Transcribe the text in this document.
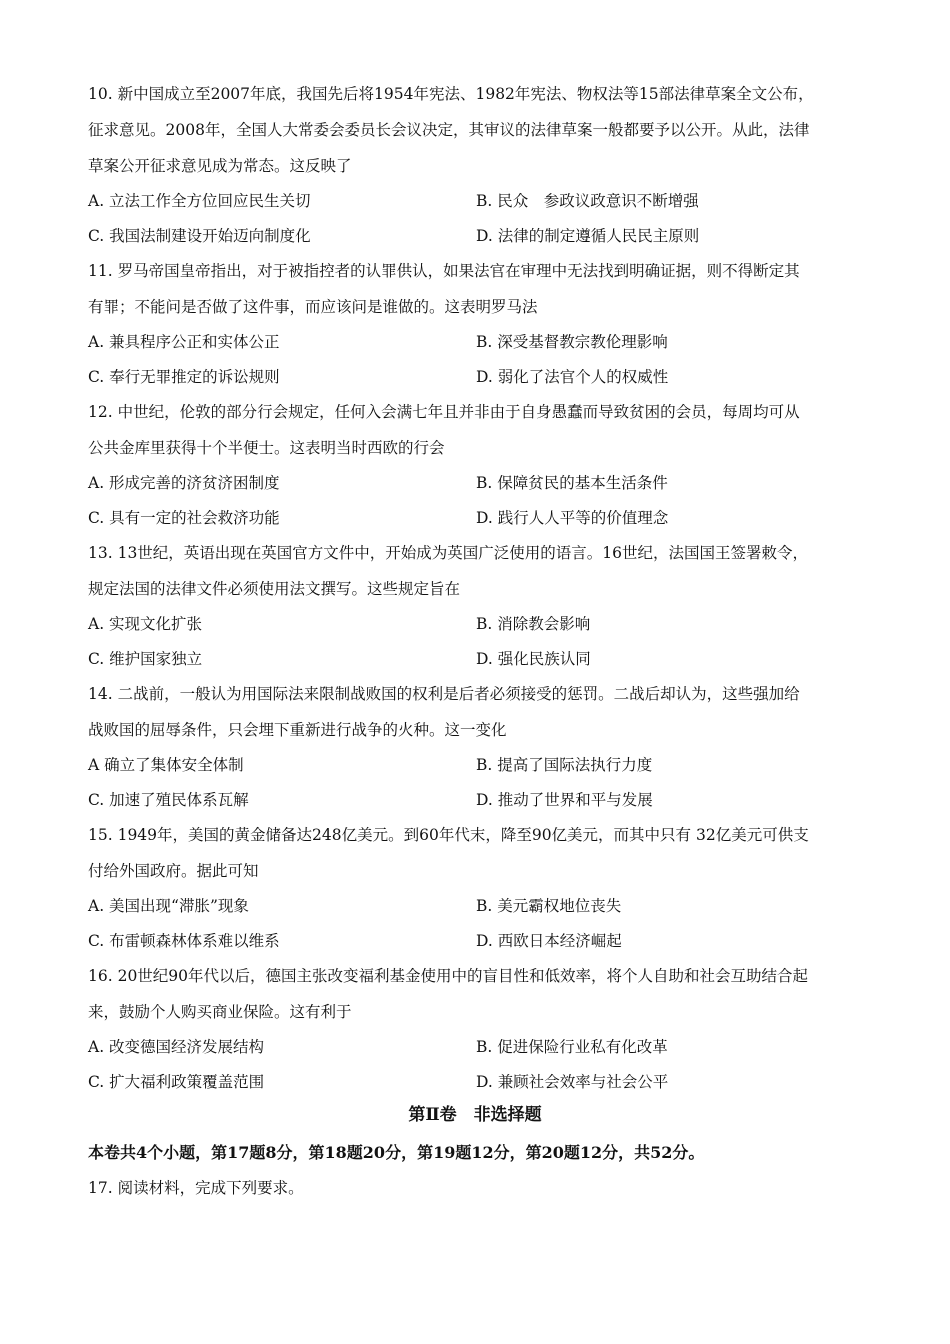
10. 新中国成立至2007年底，我国先后将1954年宪法、1982年宪法、物权法等15部法律草案全文公布，
征求意见。2008年，全国人大常委会委员长会议决定，其审议的法律草案一般都要予以公开。从此，法律
草案公开征求意见成为常态。这反映了
A. 立法工作全方位回应民生关切	B. 民众　参政议政意识不断增强
C. 我国法制建设开始迈向制度化	D. 法律的制定遵循人民民主原则
11. 罗马帝国皇帝指出，对于被指控者的认罪供认，如果法官在审理中无法找到明确证据，则不得断定其
有罪；不能问是否做了这件事，而应该问是谁做的。这表明罗马法
A. 兼具程序公正和实体公正	B. 深受基督教宗教伦理影响
C. 奉行无罪推定的诉讼规则	D. 弱化了法官个人的权威性
12. 中世纪，伦敦的部分行会规定，任何入会满七年且并非由于自身愚蠢而导致贫困的会员，每周均可从
公共金库里获得十个半便士。这表明当时西欧的行会
A. 形成完善的济贫济困制度	B. 保障贫民的基本生活条件
C. 具有一定的社会救济功能	D. 践行人人平等的价值理念
13. 13世纪，英语出现在英国官方文件中，开始成为英国广泛使用的语言。16世纪，法国国王签署敕令，
规定法国的法律文件必须使用法文撰写。这些规定旨在
A. 实现文化扩张	B. 消除教会影响
C. 维护国家独立	D. 强化民族认同
14. 二战前，一般认为用国际法来限制战败国的权利是后者必须接受的惩罚。二战后却认为，这些强加给
战败国的屈辱条件，只会埋下重新进行战争的火种。这一变化
A 确立了集体安全体制	B. 提高了国际法执行力度
C. 加速了殖民体系瓦解	D. 推动了世界和平与发展
15. 1949年，美国的黄金储备达248亿美元。到60年代末，降至90亿美元，而其中只有 32亿美元可供支
付给外国政府。据此可知
A. 美国出现“滞胀”现象	B. 美元霸权地位丧失
C. 布雷顿森林体系难以维系	D. 西欧日本经济崛起
16. 20世纪90年代以后，德国主张改变福利基金使用中的盲目性和低效率，将个人自助和社会互助结合起
来，鼓励个人购买商业保险。这有利于
A. 改变德国经济发展结构	B. 促进保险行业私有化改革
C. 扩大福利政策覆盖范围	D. 兼顾社会效率与社会公平
第Ⅱ卷　非选择题
本卷共4个小题，第17题8分，第18题20分，第19题12分，第20题12分，共52分。
17. 阅读材料，完成下列要求。
